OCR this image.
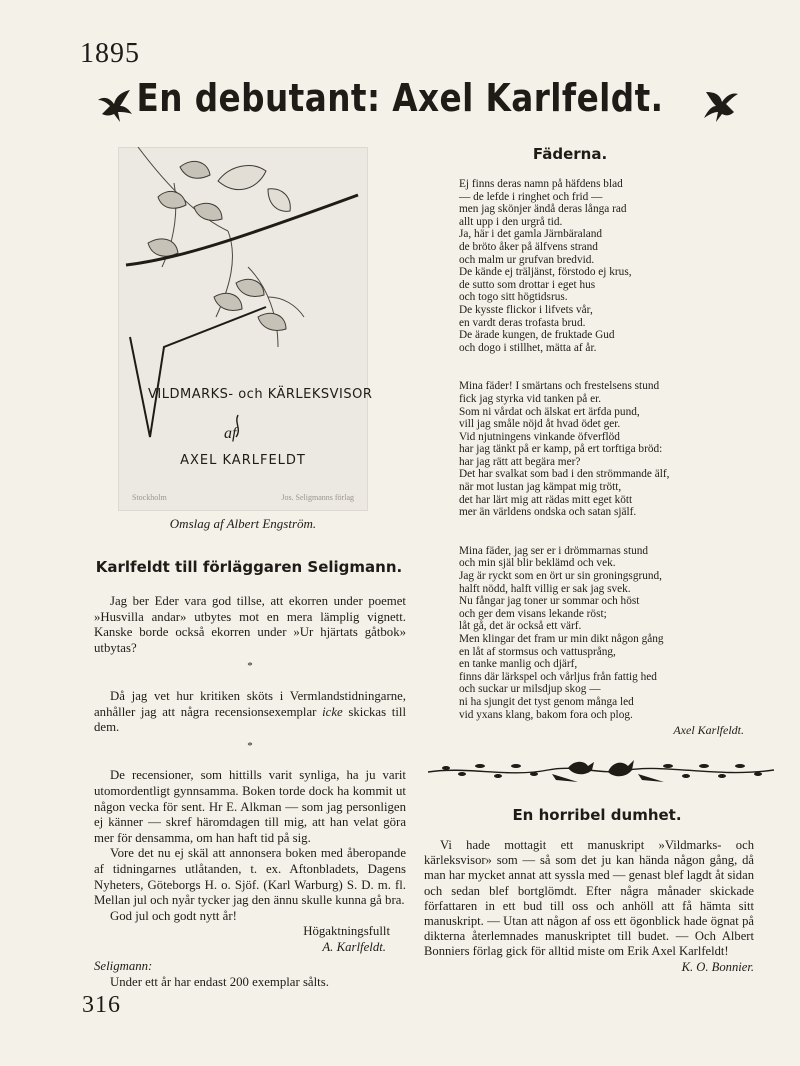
1895
En debutant: Axel Karlfeldt.
VILDMARKS- och KÄRLEKSVISOR
af
AXEL KARLFELDT
Stockholm	Jos. Seligmanns förlag
Omslag af Albert Engström.
Karlfeldt till förläggaren Seligmann.

Jag ber Eder vara god tillse, att ekorren under poemet »Husvilla andar» utbytes mot en mera lämplig vignett. Kanske borde också ekorren under »Ur hjärtats gåtbok» utbytas?

*

Då jag vet hur kritiken sköts i Vermlandstidningarne, anhåller jag att några recensionsexemplar icke skickas till dem.

*

De recensioner, som hittills varit synliga, ha ju varit utomordentligt gynnsamma. Boken torde dock ha kommit ut någon vecka för sent. Hr E. Alkman — som jag personligen ej känner — skref häromdagen till mig, att han velat göra mer för densamma, om han haft tid på sig.

Vore det nu ej skäl att annonsera boken med åberopande af tidningarnes utlåtanden, t. ex. Aftonbladets, Dagens Nyheters, Göteborgs H. o. Sjöf. (Karl Warburg) S. D. m. fl. Mellan jul och nyår tycker jag den ännu skulle kunna gå bra.

God jul och godt nytt år!

Högaktningsfullt

A. Karlfeldt.

Seligmann:

Under ett år har endast 200 exemplar sålts.

Fäderna.
Ej finns deras namn på häfdens blad
— de lefde i ringhet och frid —
men jag skönjer ändå deras långa rad
allt upp i den urgrå tid.
Ja, här i det gamla Järnbäraland
de bröto åker på älfvens strand
och malm ur grufvan bredvid.
De kände ej träljänst, förstodo ej krus,
de sutto som drottar i eget hus
och togo sitt högtidsrus.
De kysste flickor i lifvets vår,
en vardt deras trofasta brud.
De ärade kungen, de fruktade Gud
och dogo i stillhet, mätta af år.
Mina fäder! I smärtans och frestelsens stund
fick jag styrka vid tanken på er.
Som ni vårdat och älskat ert ärfda pund,
vill jag småle nöjd åt hvad ödet ger.
Vid njutningens vinkande öfverflöd
har jag tänkt på er kamp, på ert torftiga bröd:
har jag rätt att begära mer?
Det har svalkat som bad i den strömmande älf,
när mot lustan jag kämpat mig trött,
det har lärt mig att rädas mitt eget kött
mer än världens ondska och satan själf.
Mina fäder, jag ser er i drömmarnas stund
och min själ blir beklämd och vek.
Jag är ryckt som en ört ur sin groningsgrund,
halft nödd, halft villig er sak jag svek.
Nu fångar jag toner ur sommar och höst
och ger dem visans lekande röst;
låt gå, det är också ett värf.
Men klingar det fram ur min dikt någon gång
en låt af stormsus och vattusprång,
en tanke manlig och djärf,
finns där lärkspel och vårljus från fattig hed
och suckar ur milsdjup skog —
ni ha sjungit det tyst genom många led
vid yxans klang, bakom fora och plog.
Axel Karlfeldt.
En horribel dumhet.

Vi hade mottagit ett manuskript »Vildmarks- och kärleksvisor» som — så som det ju kan hända någon gång, då man har mycket annat att syssla med — genast blef lagdt åt sidan och sedan blef bortglömdt. Efter några månader skickade författaren in ett bud till oss och anhöll att få hämta sitt manuskript. — Utan att någon af oss ett ögonblick hade ögnat på dikterna återlemnades manuskriptet till budet. — Och Albert Bonniers förlag gick för alltid miste om Erik Axel Karlfeldt!

K. O. Bonnier.

316
